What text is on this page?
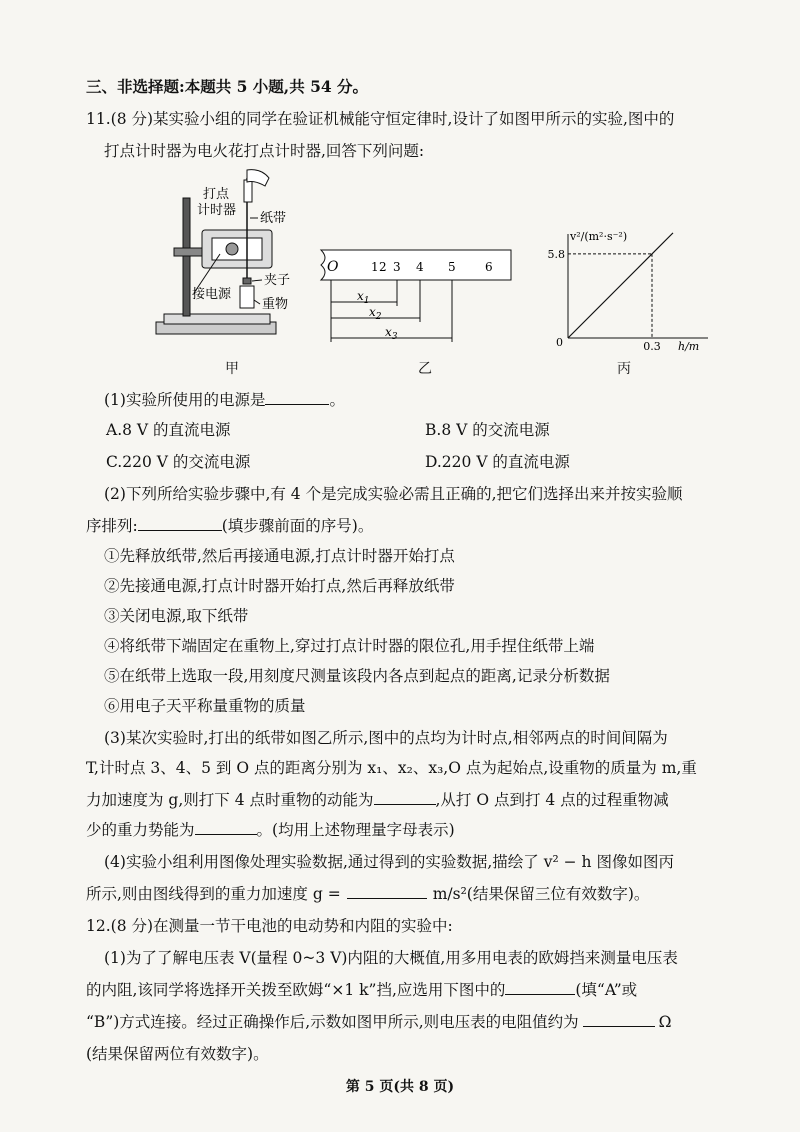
三、非选择题:本题共 5 小题,共 54 分。
11.(8 分)某实验小组的同学在验证机械能守恒定律时,设计了如图甲所示的实验,图中的
打点计时器为电火花打点计时器,回答下列问题:
打点
计时器
纸带
接电源
夹子
重物
甲
O	1 2 3 4 5 6
$x_1$
$x_2$
$x_3$
乙
v²/(m²·s⁻²)
h/m
0
5.8
0.3
丙
(1)实验所使用的电源是	。
A.8 V 的直流电源	B.8 V 的交流电源
C.220 V 的交流电源	D.220 V 的直流电源
(2)下列所给实验步骤中,有 4 个是完成实验必需且正确的,把它们选择出来并按实验顺
序排列:	(填步骤前面的序号)。
①先释放纸带,然后再接通电源,打点计时器开始打点
②先接通电源,打点计时器开始打点,然后再释放纸带
③关闭电源,取下纸带
④将纸带下端固定在重物上,穿过打点计时器的限位孔,用手捏住纸带上端
⑤在纸带上选取一段,用刻度尺测量该段内各点到起点的距离,记录分析数据
⑥用电子天平称量重物的质量
(3)某次实验时,打出的纸带如图乙所示,图中的点均为计时点,相邻两点的时间间隔为
T,计时点 3、4、5 到 O 点的距离分别为 x₁、x₂、x₃,O 点为起始点,设重物的质量为 m,重
力加速度为 g,则打下 4 点时重物的动能为	,从打 O 点到打 4 点的过程重物减
少的重力势能为	。(均用上述物理量字母表示)
(4)实验小组利用图像处理实验数据,通过得到的实验数据,描绘了 v² − h 图像如图丙
所示,则由图线得到的重力加速度 g =	m/s²(结果保留三位有效数字)。
12.(8 分)在测量一节干电池的电动势和内阻的实验中:
(1)为了了解电压表 V(量程 0~3 V)内阻的大概值,用多用电表的欧姆挡来测量电压表
的内阻,该同学将选择开关拨至欧姆“×1 k”挡,应选用下图中的	(填“A”或
“B”)方式连接。经过正确操作后,示数如图甲所示,则电压表的电阻值约为	Ω
(结果保留两位有效数字)。
第 5 页(共 8 页)
